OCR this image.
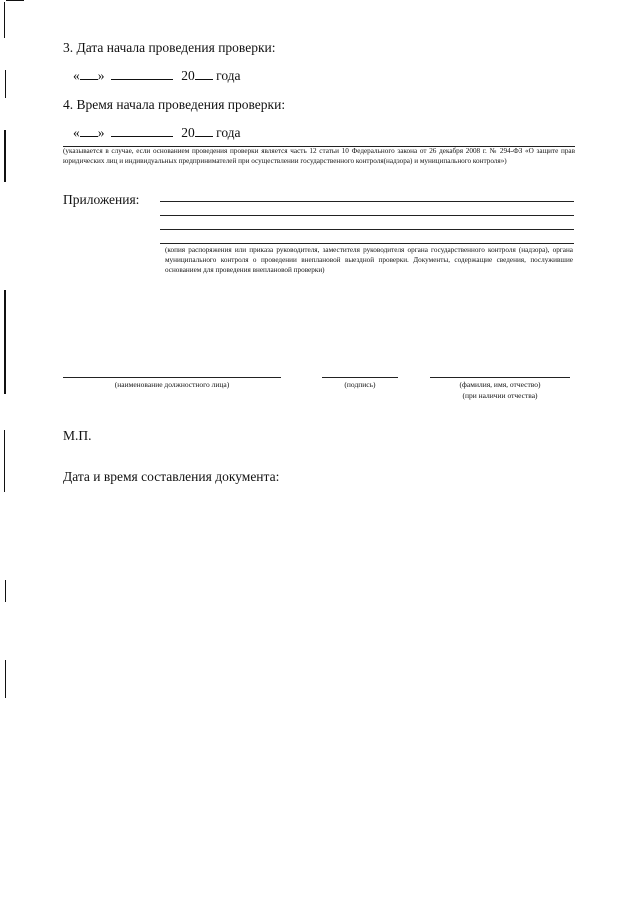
3. Дата начала проведения проверки:
« »	20 года
4. Время начала проведения проверки:
« »	20 года
(указывается в случае, если основанием проведения проверки является часть 12 статьи 10 Федерального закона от 26 декабря 2008 г. № 294-ФЗ «О защите прав юридических лиц и индивидуальных предпринимателей при осуществлении государственного контроля(надзора) и муниципального контроля»)
Приложения:
(копия распоряжения или приказа руководителя, заместителя руководителя органа государственного контроля (надзора), органа муниципального контроля о проведении внеплановой выездной проверки. Документы, содержащие сведения, послужившие основанием для проведения внеплановой проверки)
(наименование должностного лица)	(подпись)	(фамилия, имя, отчество)
(при наличии отчества)
М.П.
Дата и время составления документа:
